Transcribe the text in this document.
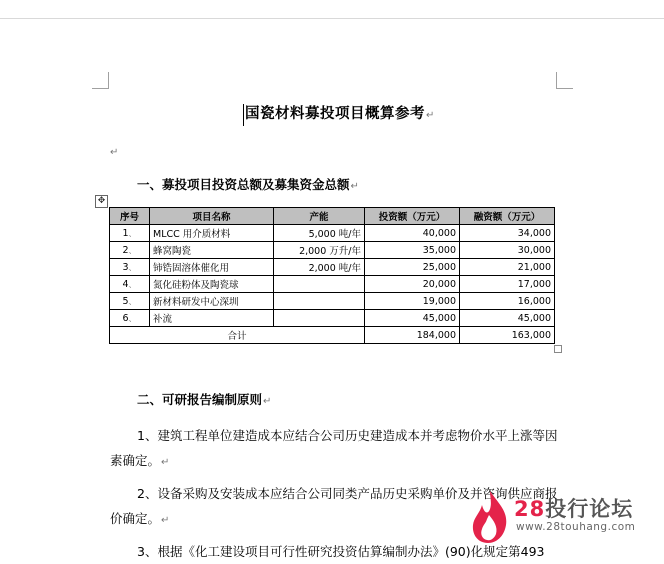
国瓷材料募投项目概算参考↵
↵
一、募投项目投资总额及募集资金总额↵
✥
序号	项目名称	产能	投资额（万元）	融资额（万元）
1、	MLCC 用介质材料	5,000 吨/年	40,000	34,000
2、	蜂窝陶瓷	2,000 万升/年	35,000	30,000
3、	铈锆固溶体催化用	2,000 吨/年	25,000	21,000
4、	氮化硅粉体及陶瓷球		20,000	17,000
5、	新材料研发中心深圳		19,000	16,000
6、	补流		45,000	45,000
合计			184,000	163,000
二、可研报告编制原则↵
1、建筑工程单位建造成本应结合公司历史建造成本并考虑物价水平上涨等因素确定。↵
2、设备采购及安装成本应结合公司同类产品历史采购单价及并咨询供应商报价确定。↵
3、根据《化工建设项目可行性研究投资估算编制办法》(90)化规定第493
28投行论坛
www.28touhang.com
